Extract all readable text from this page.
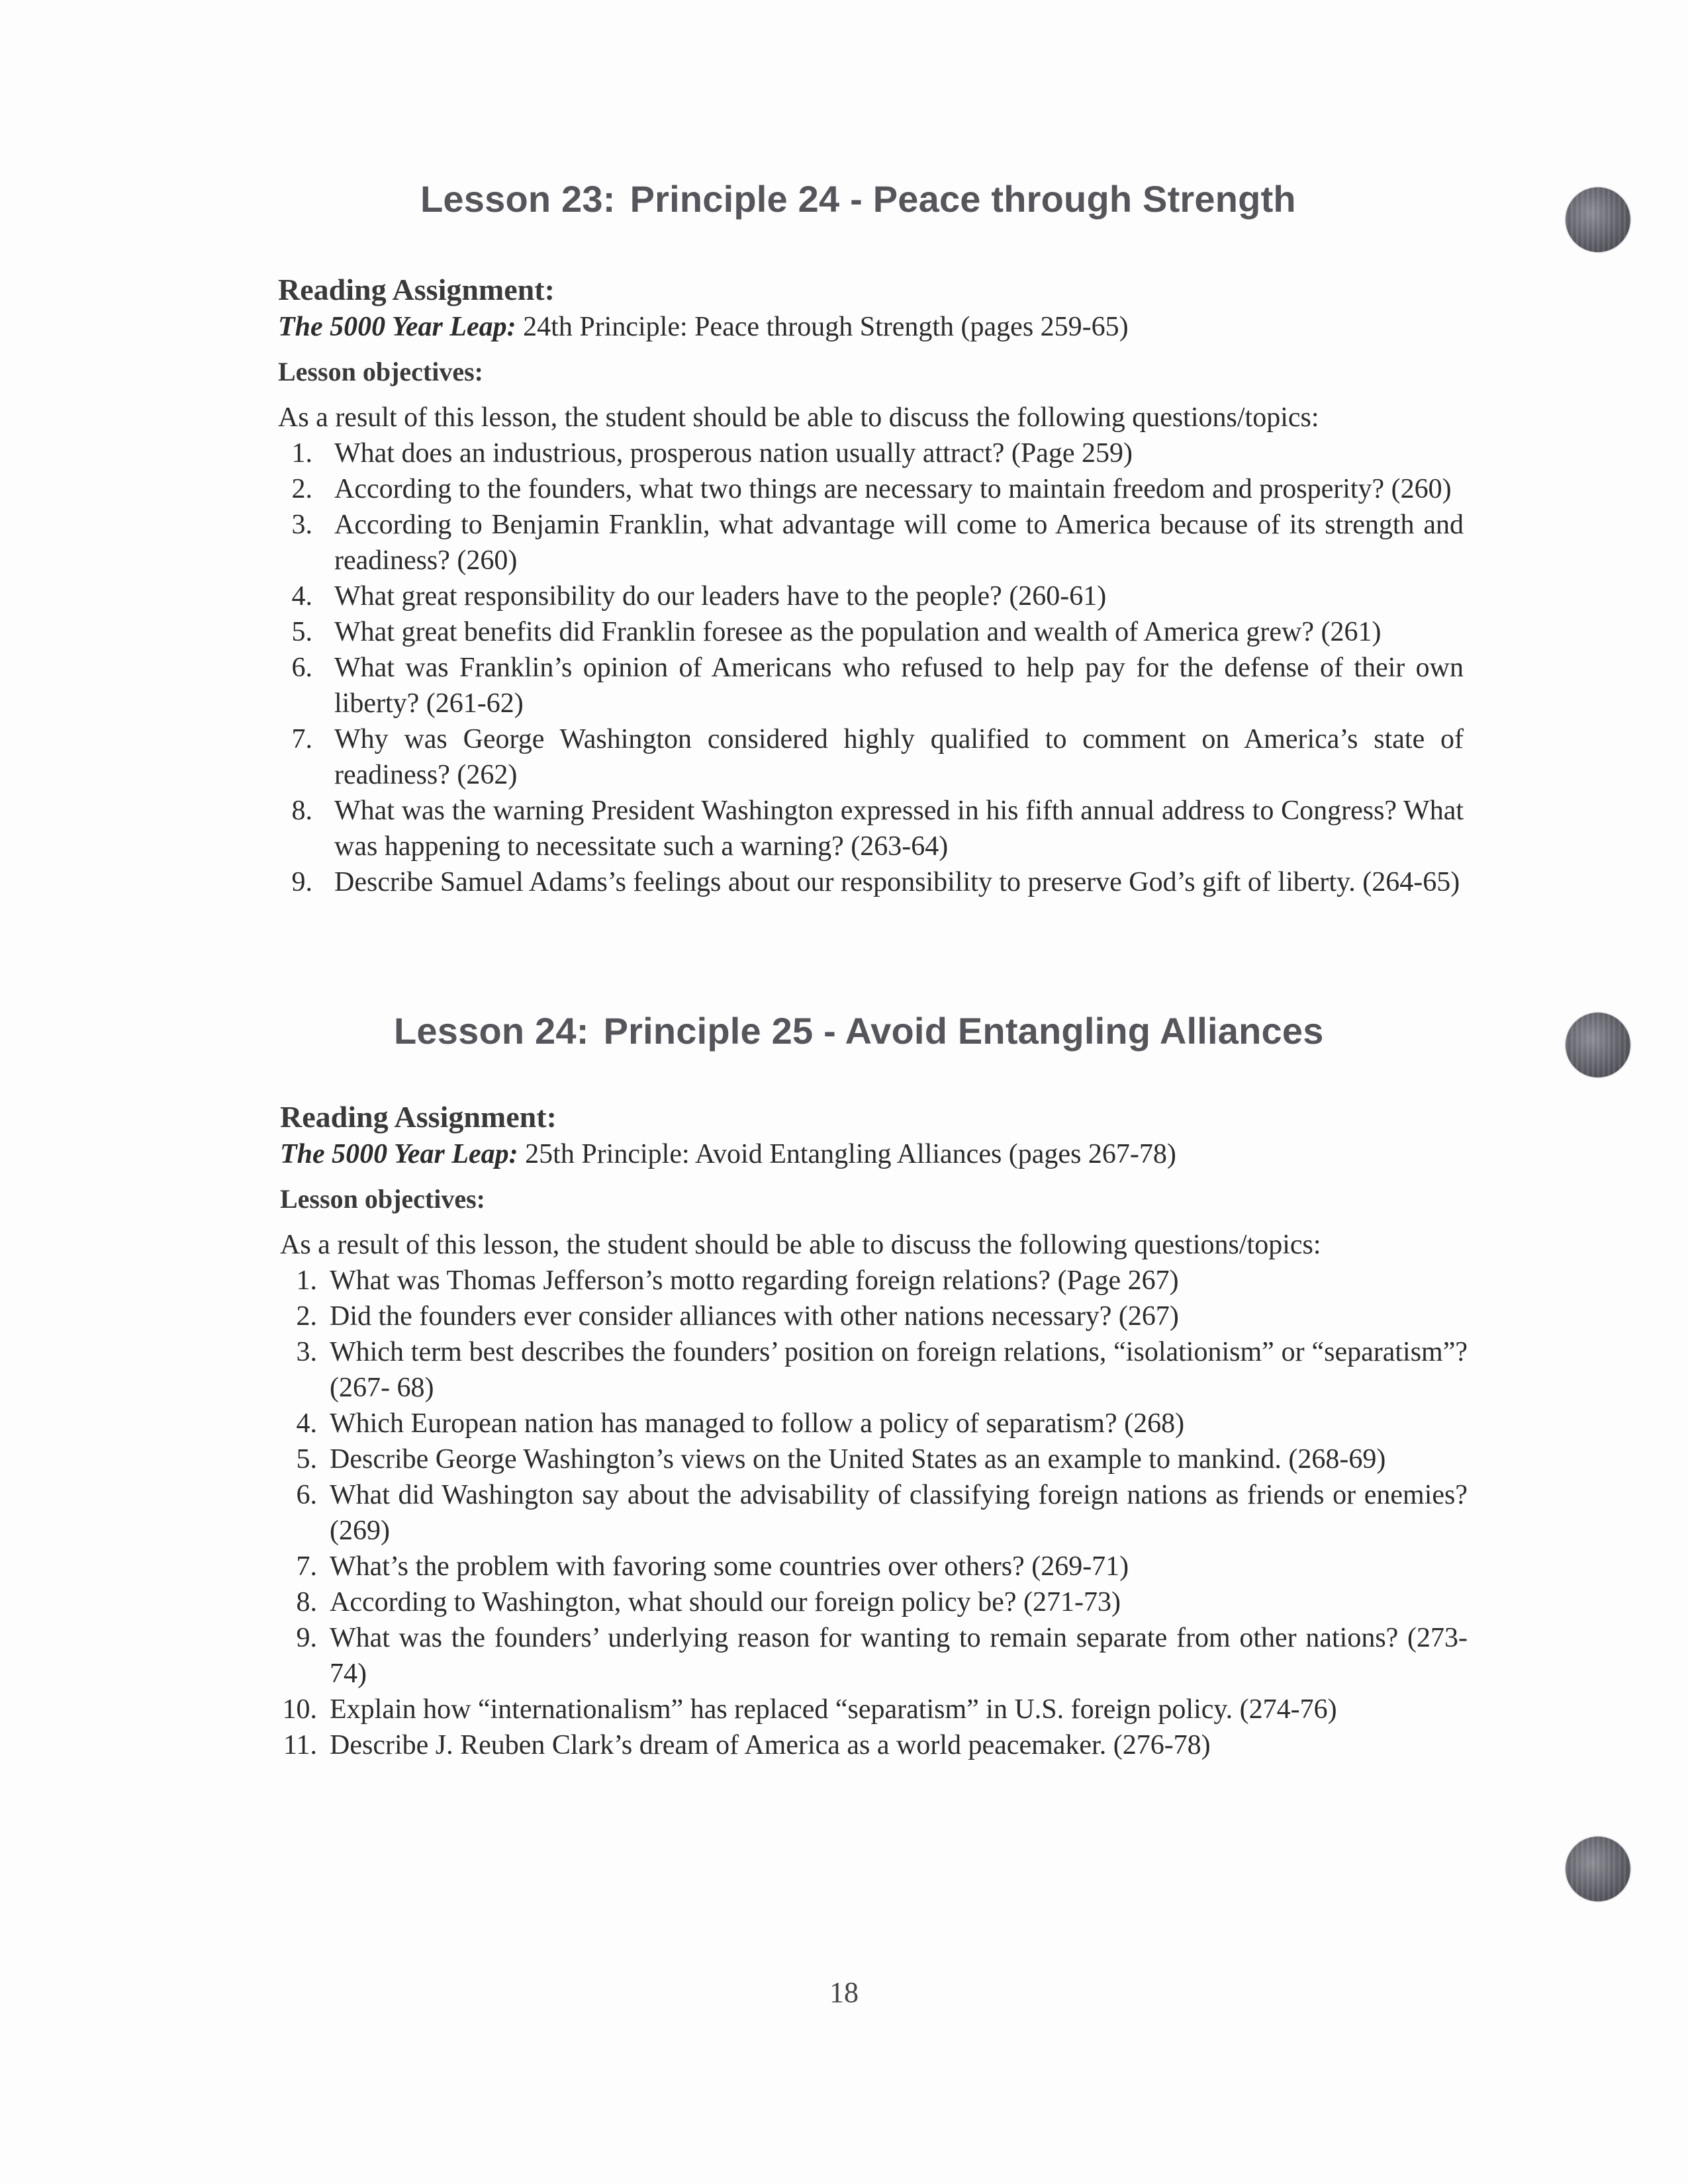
Lesson 23: Principle 24 - Peace through Strength
Reading Assignment:
The 5000 Year Leap: 24th Principle: Peace through Strength (pages 259-65)
Lesson objectives:
As a result of this lesson, the student should be able to discuss the following questions/topics:
1. What does an industrious, prosperous nation usually attract? (Page 259)
2. According to the founders, what two things are necessary to maintain freedom and prosperity? (260)
3. According to Benjamin Franklin, what advantage will come to America because of its strength and readiness? (260)
4. What great responsibility do our leaders have to the people? (260-61)
5. What great benefits did Franklin foresee as the population and wealth of America grew? (261)
6. What was Franklin’s opinion of Americans who refused to help pay for the defense of their own liberty? (261-62)
7. Why was George Washington considered highly qualified to comment on America’s state of readiness? (262)
8. What was the warning President Washington expressed in his fifth annual address to Congress? What was happening to necessitate such a warning? (263-64)
9. Describe Samuel Adams’s feelings about our responsibility to preserve God’s gift of liberty. (264-65)
Lesson 24: Principle 25 - Avoid Entangling Alliances
Reading Assignment:
The 5000 Year Leap: 25th Principle: Avoid Entangling Alliances (pages 267-78)
Lesson objectives:
As a result of this lesson, the student should be able to discuss the following questions/topics:
1. What was Thomas Jefferson’s motto regarding foreign relations? (Page 267)
2. Did the founders ever consider alliances with other nations necessary? (267)
3. Which term best describes the founders’ position on foreign relations, “isolationism” or “separatism”? (267- 68)
4. Which European nation has managed to follow a policy of separatism? (268)
5. Describe George Washington’s views on the United States as an example to mankind. (268-69)
6. What did Washington say about the advisability of classifying foreign nations as friends or enemies? (269)
7. What’s the problem with favoring some countries over others? (269-71)
8. According to Washington, what should our foreign policy be? (271-73)
9. What was the founders’ underlying reason for wanting to remain separate from other nations? (273-74)
10. Explain how “internationalism” has replaced “separatism” in U.S. foreign policy. (274-76)
11. Describe J. Reuben Clark’s dream of America as a world peacemaker. (276-78)
18
